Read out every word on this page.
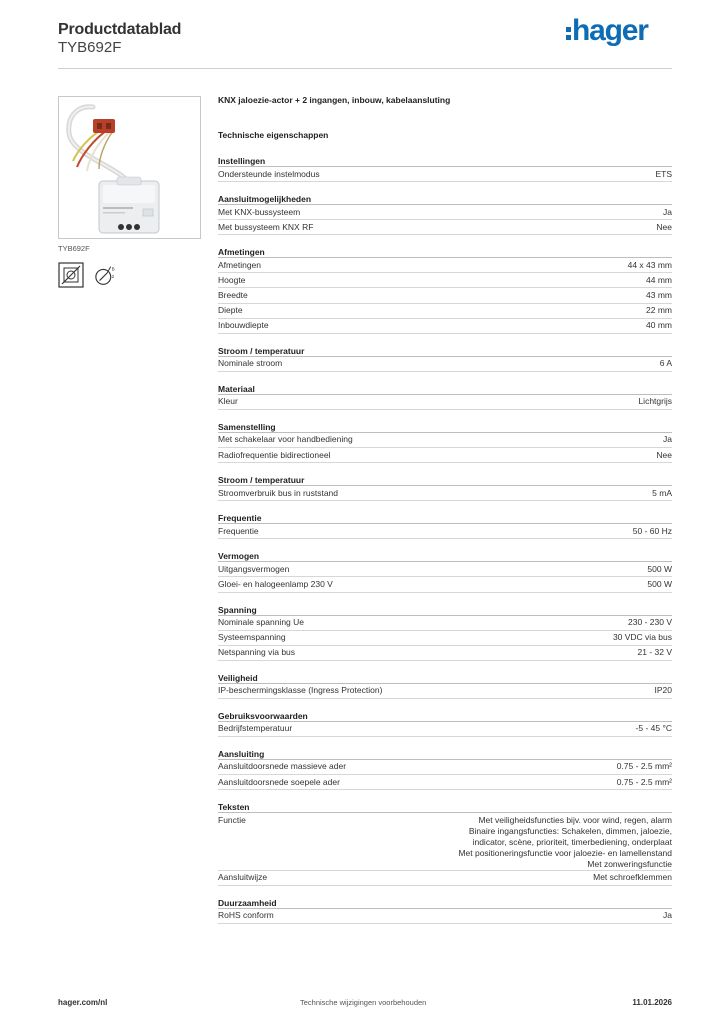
Productdatablad
TYB692F
hager
TYB692F
B
2
KNX jaloezie-actor + 2 ingangen, inbouw, kabelaansluting
Technische eigenschappen
Instellingen
Ondersteunde instelmodus	ETS
Aansluitmogelijkheden
Met KNX-bussysteem	Ja
Met bussysteem KNX RF	Nee
Afmetingen
Afmetingen	44 x 43 mm
Hoogte	44 mm
Breedte	43 mm
Diepte	22 mm
Inbouwdiepte	40 mm
Stroom / temperatuur
Nominale stroom	6 A
Materiaal
Kleur	Lichtgrijs
Samenstelling
Met schakelaar voor handbediening	Ja
Radiofrequentie bidirectioneel	Nee
Stroom / temperatuur
Stroomverbruik bus in ruststand	5 mA
Frequentie
Frequentie	50 - 60 Hz
Vermogen
Uitgangsvermogen	500 W
Gloei- en halogeenlamp 230 V	500 W
Spanning
Nominale spanning Ue	230 - 230 V
Systeemspanning	30 VDC via bus
Netspanning via bus	21 - 32 V
Veiligheid
IP-beschermingsklasse (Ingress Protection)	IP20
Gebruiksvoorwaarden
Bedrijfstemperatuur	-5 - 45 °C
Aansluiting
Aansluitdoorsnede massieve ader	0.75 - 2.5 mm²
Aansluitdoorsnede soepele ader	0.75 - 2.5 mm²
Teksten
Functie	Met veiligheidsfuncties bijv. voor wind, regen, alarm
Binaire ingangsfuncties: Schakelen, dimmen, jaloezie,
indicator, scène, prioriteit, timerbediening, onderplaat
Met positioneringsfunctie voor jaloezie- en lamellenstand
Met zonweringsfunctie
Aansluitwijze	Met schroefklemmen
Duurzaamheid
RoHS conform	Ja
hager.com/nl	Technische wijzigingen voorbehouden	11.01.2026
